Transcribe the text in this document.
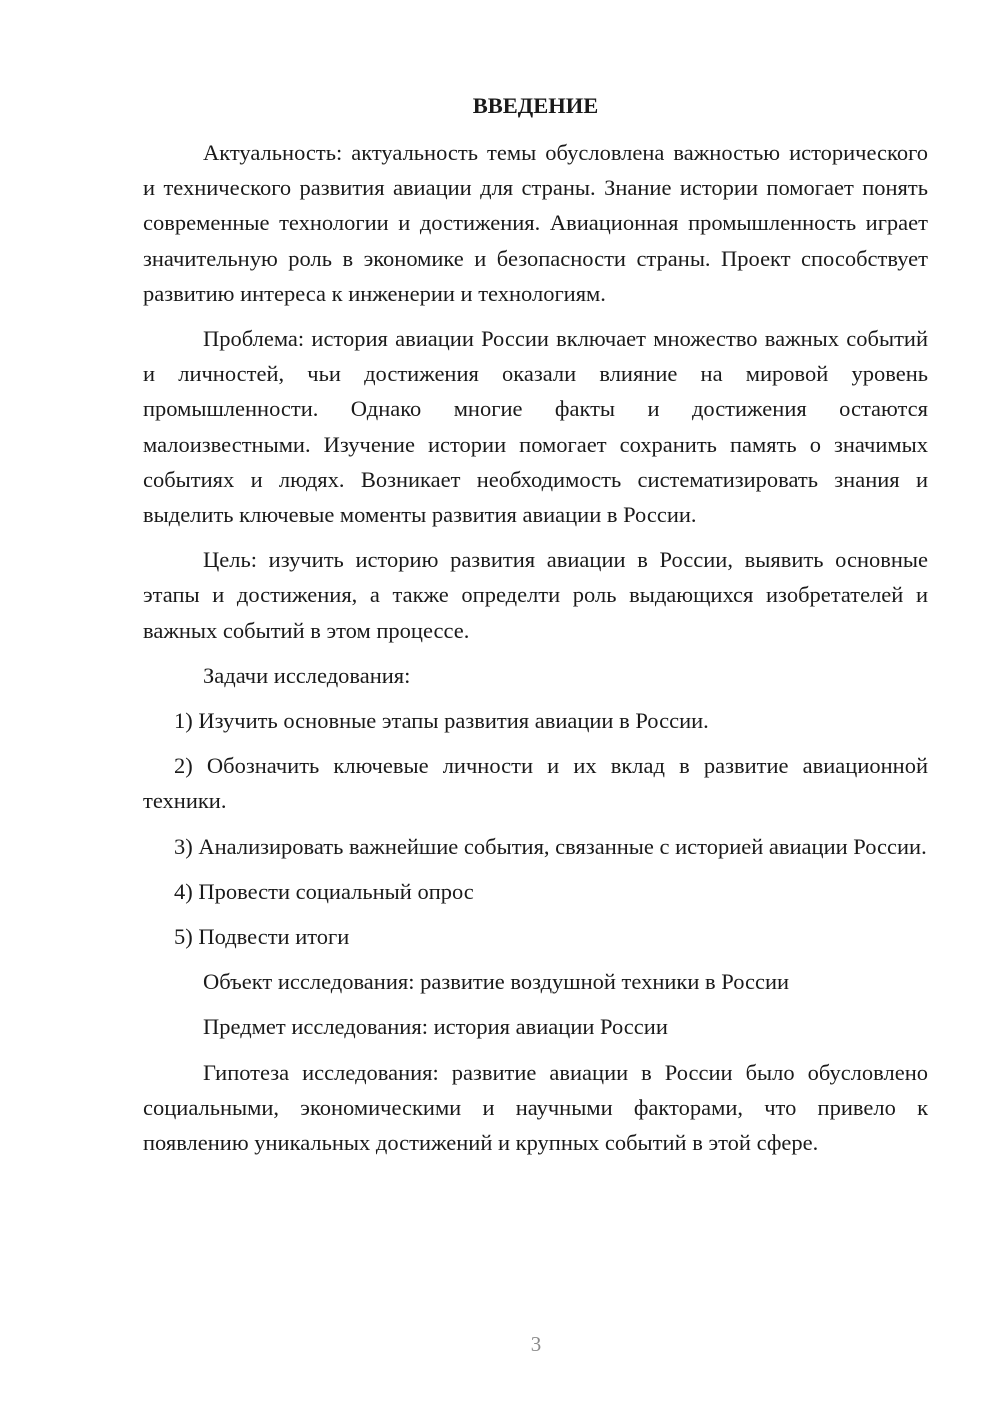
ВВЕДЕНИЕ

Актуальность: актуальность темы обусловлена важностью исторического и технического развития авиации для страны. Знание истории помогает понять современные технологии и достижения. Авиационная промышленность играет значительную роль в экономике и безопасности страны. Проект способствует развитию интереса к инженерии и технологиям.

Проблема: история авиации России включает множество важных событий и личностей, чьи достижения оказали влияние на мировой уровень промышленности. Однако многие факты и достижения остаются малоизвестными. Изучение истории помогает сохранить память о значимых событиях и людях. Возникает необходимость систематизировать знания и выделить ключевые моменты развития авиации в России.

Цель: изучить историю развития авиации в России, выявить основные этапы и достижения, а также определти роль выдающихся изобретателей и важных событий в этом процессе.

Задачи исследования:

1) Изучить основные этапы развития авиации в России.

2) Обозначить ключевые личности и их вклад в развитие авиационной техники.

3) Анализировать важнейшие события, связанные с историей авиации России.

4) Провести социальный опрос

5) Подвести итоги

Объект исследования: развитие воздушной техники в России

Предмет исследования: история авиации России

Гипотеза исследования: развитие авиации в России было обусловлено социальными, экономическими и научными факторами, что привело к появлению уникальных достижений и крупных событий в этой сфере.

3
